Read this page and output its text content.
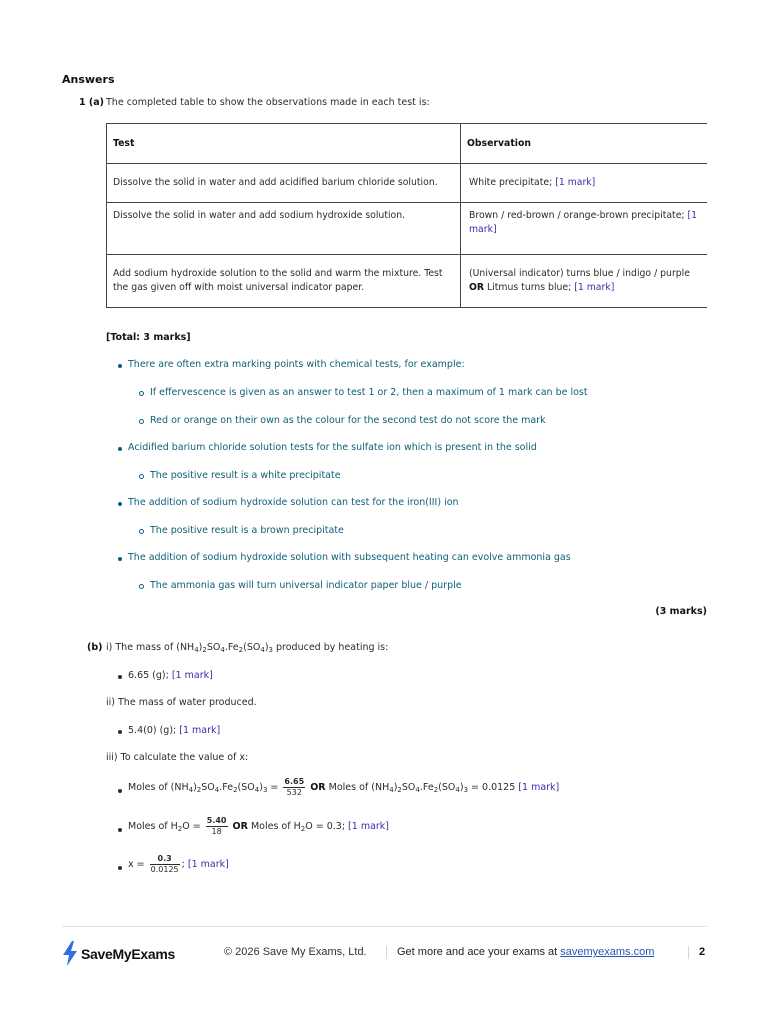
Answers
1 (a) The completed table to show the observations made in each test is:
Test	Observation
Dissolve the solid in water and add acidified barium chloride solution.	White precipitate; [1 mark]
Dissolve the solid in water and add sodium hydroxide solution.	Brown / red-brown / orange-brown precipitate; [1 mark]
Add sodium hydroxide solution to the solid and warm the mixture. Test the gas given off with moist universal indicator paper.	(Universal indicator) turns blue / indigo / purple
OR Litmus turns blue; [1 mark]
[Total: 3 marks]
There are often extra marking points with chemical tests, for example:
If effervescence is given as an answer to test 1 or 2, then a maximum of 1 mark can be lost
Red or orange on their own as the colour for the second test do not score the mark
Acidified barium chloride solution tests for the sulfate ion which is present in the solid
The positive result is a white precipitate
The addition of sodium hydroxide solution can test for the iron(III) ion
The positive result is a brown precipitate
The addition of sodium hydroxide solution with subsequent heating can evolve ammonia gas
The ammonia gas will turn universal indicator paper blue / purple
(3 marks)
(b) i) The mass of $(NH_4)_2SO_4.Fe_2(SO_4)_3$ produced by heating is:
6.65 (g); [1 mark]
ii) The mass of water produced.
5.4(0) (g); [1 mark]
iii) To calculate the value of x:
Moles of $(NH_4)_2SO_4.Fe_2(SO_4)_3 = \frac{6.65}{532}$ OR Moles of $(NH_4)_2SO_4.Fe_2(SO_4)_3 = 0.0125$ [1 mark]
Moles of $H_2O = \frac{5.40}{18}$ OR Moles of $H_2O = 0.3$; [1 mark]
$x = \frac{0.3}{0.0125}$ ; [1 mark]
SaveMyExams	© 2026 Save My Exams, Ltd.	Get more and ace your exams at savemyexams.com	2
